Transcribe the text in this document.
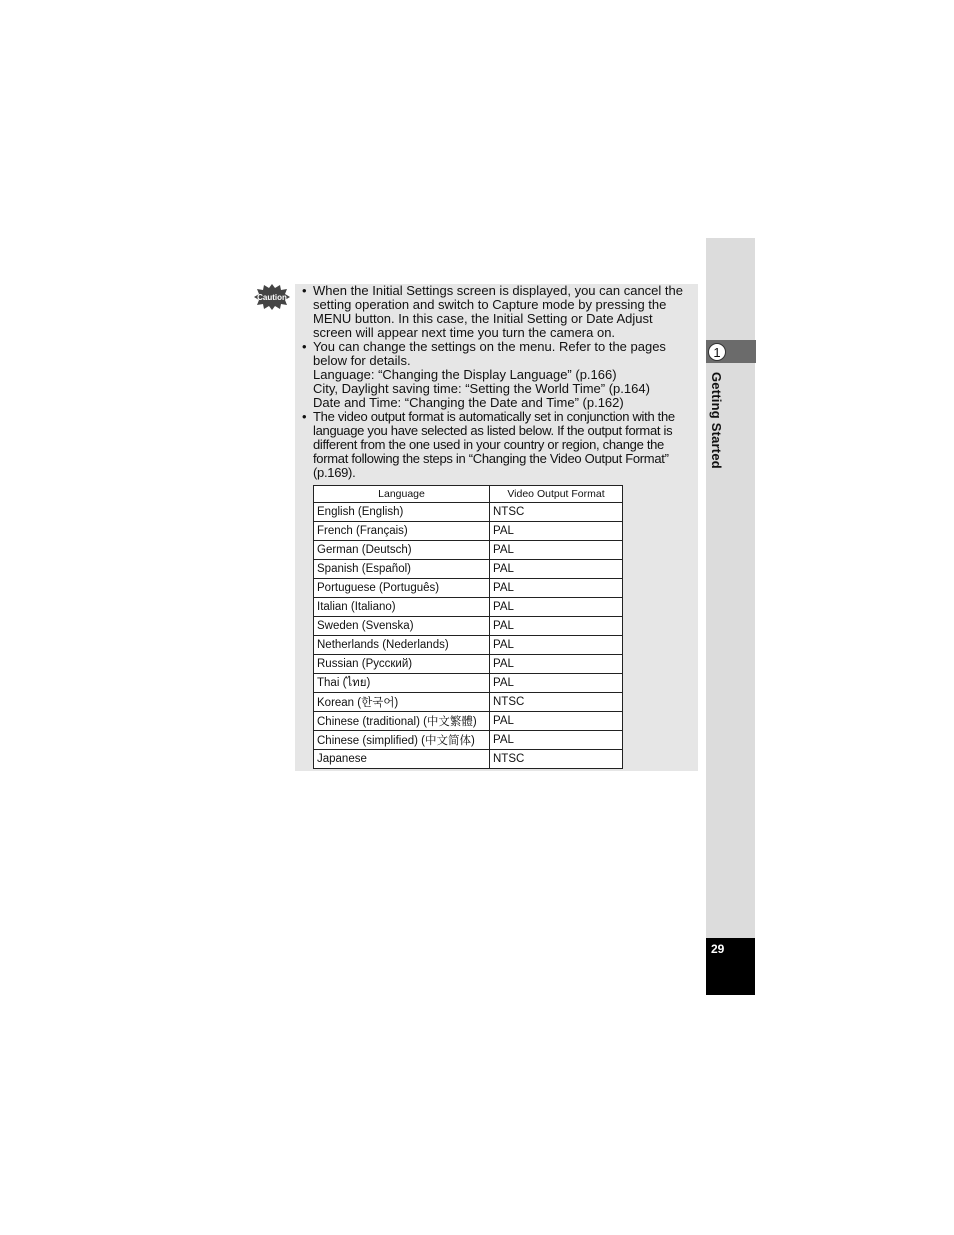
1
Getting Started
29
Caution • When the Initial Settings screen is displayed, you can cancel the setting operation and switch to Capture mode by pressing the MENU button. In this case, the Initial Setting or Date Adjust screen will appear next time you turn the camera on.
• You can change the settings on the menu. Refer to the pages below for details.
Language: “Changing the Display Language” (p.166)
City, Daylight saving time: “Setting the World Time” (p.164)
Date and Time: “Changing the Date and Time” (p.162)
• The video output format is automatically set in conjunction with the language you have selected as listed below. If the output format is different from the one used in your country or region, change the format following the steps in “Changing the Video Output Format” (p.169).
Language	Video Output Format
English (English)	NTSC
French (Français)	PAL
German (Deutsch)	PAL
Spanish (Español)	PAL
Portuguese (Português)	PAL
Italian (Italiano)	PAL
Sweden (Svenska)	PAL
Netherlands (Nederlands)	PAL
Russian (Русский)	PAL
Thai (ไทย)	PAL
Korean (한국어)	NTSC
Chinese (traditional) (中文繁體)	PAL
Chinese (simplified) (中文简体)	PAL
Japanese	NTSC
